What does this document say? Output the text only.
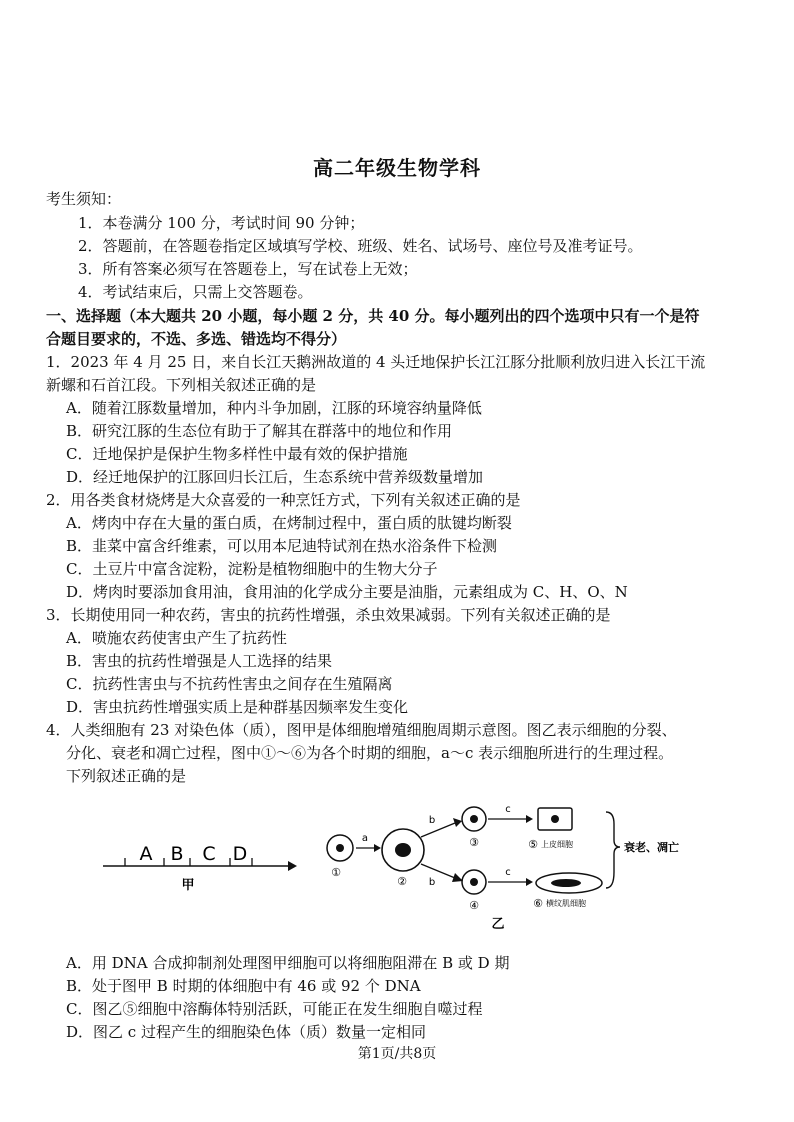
高二年级生物学科
考生须知：
1．本卷满分 100 分，考试时间 90 分钟；
2．答题前，在答题卷指定区域填写学校、班级、姓名、试场号、座位号及准考证号。
3．所有答案必须写在答题卷上，写在试卷上无效；
4．考试结束后，只需上交答题卷。
一、选择题（本大题共 20 小题，每小题 2 分，共 40 分。每小题列出的四个选项中只有一个是符
合题目要求的，不选、多选、错选均不得分）
1．2023 年 4 月 25 日，来自长江天鹅洲故道的 4 头迁地保护长江江豚分批顺利放归进入长江干流
新螺和石首江段。下列相关叙述正确的是
A．随着江豚数量增加，种内斗争加剧，江豚的环境容纳量降低
B．研究江豚的生态位有助于了解其在群落中的地位和作用
C．迁地保护是保护生物多样性中最有效的保护措施
D．经迁地保护的江豚回归长江后，生态系统中营养级数量增加
2．用各类食材烧烤是大众喜爱的一种烹饪方式，下列有关叙述正确的是
A．烤肉中存在大量的蛋白质，在烤制过程中，蛋白质的肽键均断裂
B．韭菜中富含纤维素，可以用本尼迪特试剂在热水浴条件下检测
C．土豆片中富含淀粉，淀粉是植物细胞中的生物大分子
D．烤肉时要添加食用油，食用油的化学成分主要是油脂，元素组成为 C、H、O、N
3．长期使用同一种农药，害虫的抗药性增强，杀虫效果减弱。下列有关叙述正确的是
A．喷施农药使害虫产生了抗药性
B．害虫的抗药性增强是人工选择的结果
C．抗药性害虫与不抗药性害虫之间存在生殖隔离
D．害虫抗药性增强实质上是种群基因频率发生变化
4．人类细胞有 23 对染色体（质），图甲是体细胞增殖细胞周期示意图。图乙表示细胞的分裂、
分化、衰老和凋亡过程，图中①～⑥为各个时期的细胞，a～c 表示细胞所进行的生理过程。
下列叙述正确的是
A B C D
甲
①
a
②
b
b
③
④
c
c
⑤ 上皮细胞
⑥ 横纹肌细胞
衰老、凋亡
乙
A．用 DNA 合成抑制剂处理图甲细胞可以将细胞阻滞在 B 或 D 期
B．处于图甲 B 时期的体细胞中有 46 或 92 个 DNA
C．图乙⑤细胞中溶酶体特别活跃，可能正在发生细胞自噬过程
D．图乙 c 过程产生的细胞染色体（质）数量一定相同
第1页/共8页
